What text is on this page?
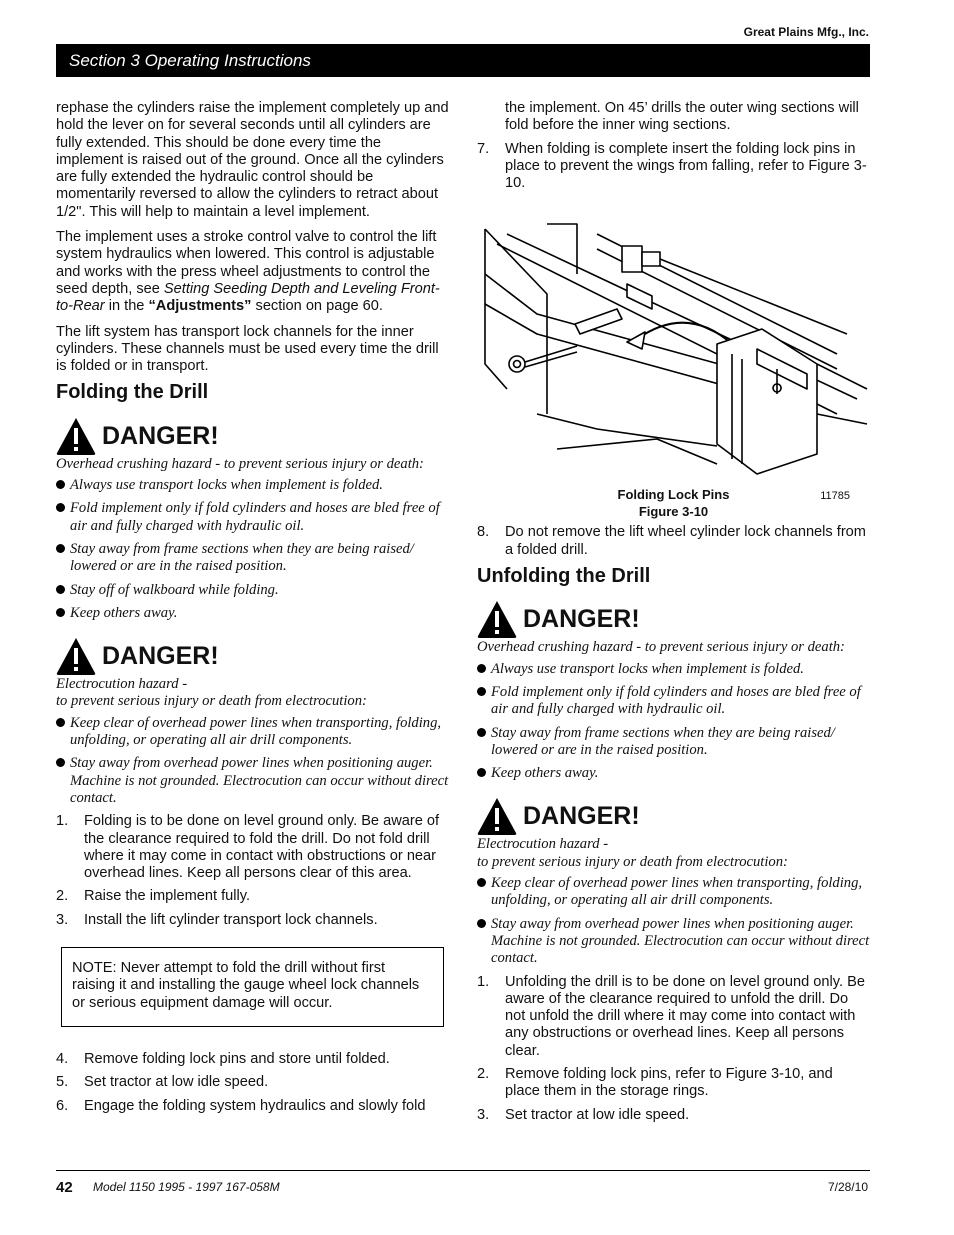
Great Plains Mfg., Inc.
Section 3 Operating Instructions

rephase the cylinders raise the implement completely up and hold the lever on for several seconds until all cylinders are fully extended. This should be done every time the implement is raised out of the ground. Once all the cylinders are fully extended the hydraulic control should be momentarily reversed to allow the cylinders to retract about 1/2". This will help to maintain a level implement.

The implement uses a stroke control valve to control the lift system hydraulics when lowered. This control is adjustable and works with the press wheel adjustments to control the seed depth, see Setting Seeding Depth and Leveling Front-to-Rear in the “Adjustments” section on page 60.

The lift system has transport lock channels for the inner cylinders. These channels must be used every time the drill is folded or in transport.

Folding the Drill
DANGER!
Overhead crushing hazard - to prevent serious injury or death:
Always use transport locks when implement is folded.
Fold implement only if fold cylinders and hoses are bled free of air and fully charged with hydraulic oil.
Stay away from frame sections when they are being raised/ lowered or are in the raised position.
Stay off of walkboard while folding.
Keep others away.
DANGER!
Electrocution hazard -
to prevent serious injury or death from electrocution:
Keep clear of overhead power lines when transporting, folding, unfolding, or operating all air drill components.
Stay away from overhead power lines when positioning auger. Machine is not grounded. Electrocution can occur without direct contact.
1. Folding is to be done on level ground only. Be aware of the clearance required to fold the drill. Do not fold drill where it may come in contact with obstructions or near overhead lines. Keep all persons clear of this area.
2. Raise the implement fully.
3. Install the lift cylinder transport lock channels.
NOTE: Never attempt to fold the drill without first raising it and installing the gauge wheel lock channels or serious equipment damage will occur.
4. Remove folding lock pins and store until folded.
5. Set tractor at low idle speed.
6. Engage the folding system hydraulics and slowly fold
the implement. On 45’ drills the outer wing sections will fold before the inner wing sections.
7. When folding is complete insert the folding lock pins in place to prevent the wings from falling, refer to Figure 3-10.
Folding Lock Pins
Figure 3-10
11785
8. Do not remove the lift wheel cylinder lock channels from a folded drill.
Unfolding the Drill
DANGER!
Overhead crushing hazard - to prevent serious injury or death:
Always use transport locks when implement is folded.
Fold implement only if fold cylinders and hoses are bled free of air and fully charged with hydraulic oil.
Stay away from frame sections when they are being raised/ lowered or are in the raised position.
Keep others away.
DANGER!
Electrocution hazard -
to prevent serious injury or death from electrocution:
Keep clear of overhead power lines when transporting, folding, unfolding, or operating all air drill components.
Stay away from overhead power lines when positioning auger. Machine is not grounded. Electrocution can occur without direct contact.
1. Unfolding the drill is to be done on level ground only. Be aware of the clearance required to unfold the drill. Do not unfold the drill where it may come into contact with any obstructions or overhead lines. Keep all persons clear.
2. Remove folding lock pins, refer to Figure 3-10, and place them in the storage rings.
3. Set tractor at low idle speed.
42 Model 1150 1995 - 1997 167-058M	7/28/10
